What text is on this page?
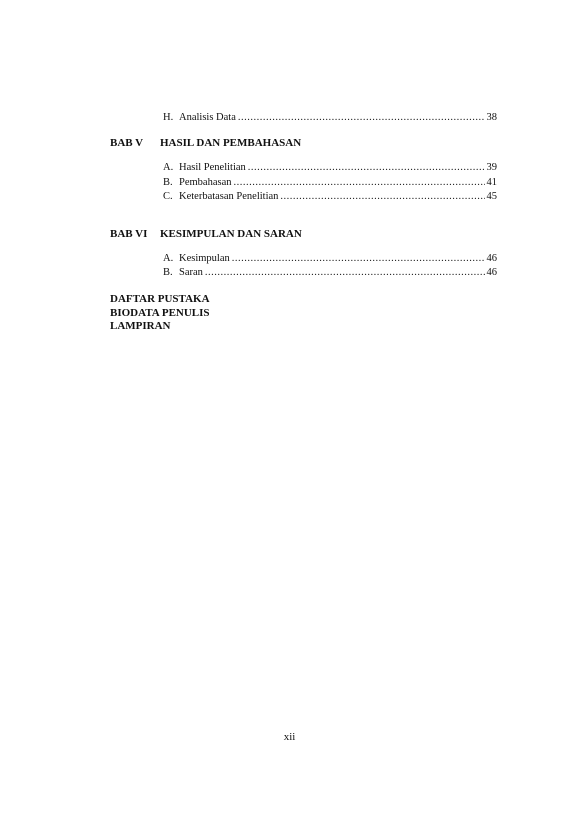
H. Analisis Data .....	38
BAB V HASIL DAN PEMBAHASAN
A. Hasil Penelitian .....	39
B. Pembahasan .....	41
C. Keterbatasan Penelitian .....	45
BAB VI KESIMPULAN DAN SARAN
A. Kesimpulan .....	46
B. Saran .....	46
DAFTAR PUSTAKA
BIODATA PENULIS
LAMPIRAN
xii
